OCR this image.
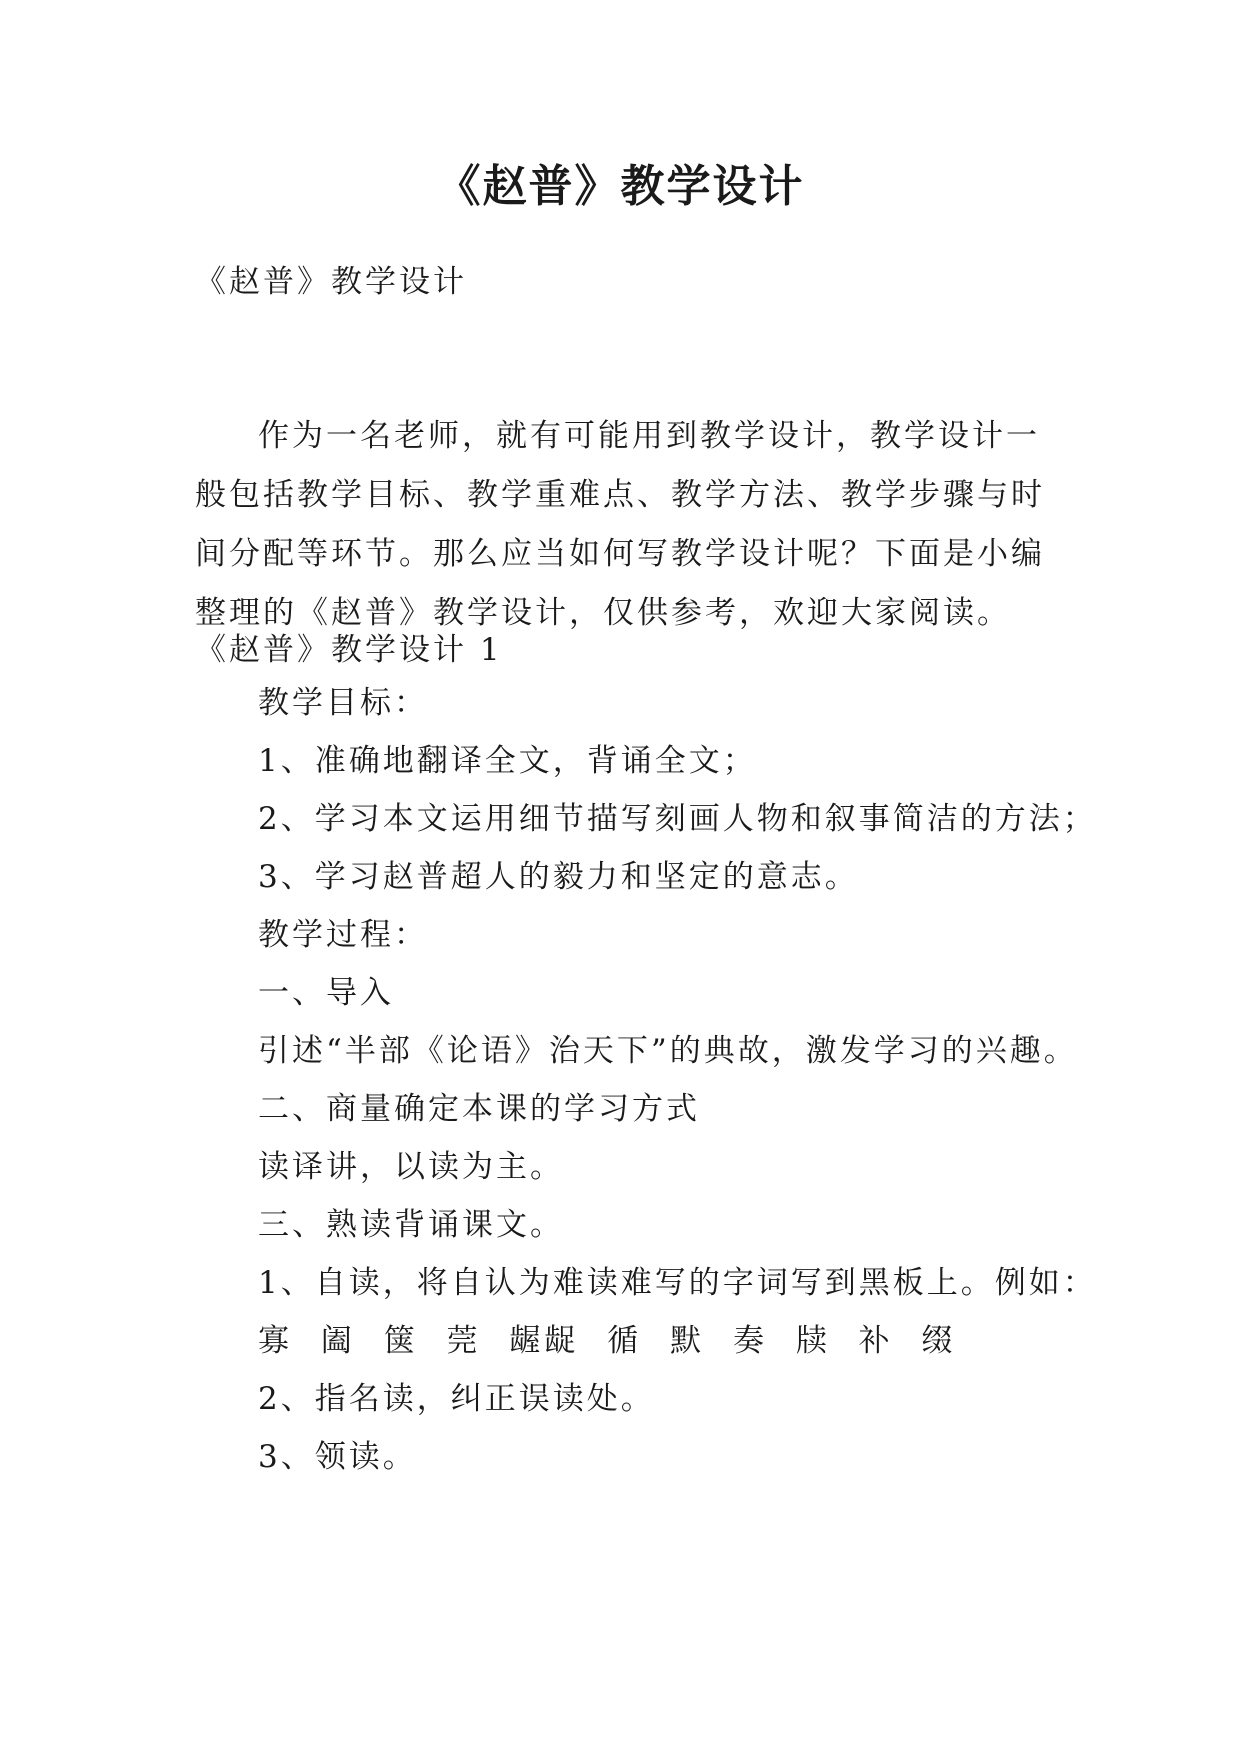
《赵普》教学设计
《赵普》教学设计
作为一名老师，就有可能用到教学设计，教学设计一般包括教学目标、教学重难点、教学方法、教学步骤与时间分配等环节。那么应当如何写教学设计呢？下面是小编整理的《赵普》教学设计，仅供参考，欢迎大家阅读。
《赵普》教学设计 1
教学目标：
1、准确地翻译全文，背诵全文；
2、学习本文运用细节描写刻画人物和叙事简洁的方法；
3、学习赵普超人的毅力和坚定的意志。
教学过程：
一、导入
引述“半部《论语》治天下”的典故，激发学习的兴趣。
二、商量确定本课的学习方式
读译讲，以读为主。
三、熟读背诵课文。
1、自读，将自认为难读难写的字词写到黑板上。例如：
寡 阖 箧 莞 龌龊 循 默 奏 牍 补 缀
2、指名读，纠正误读处。
3、领读。
